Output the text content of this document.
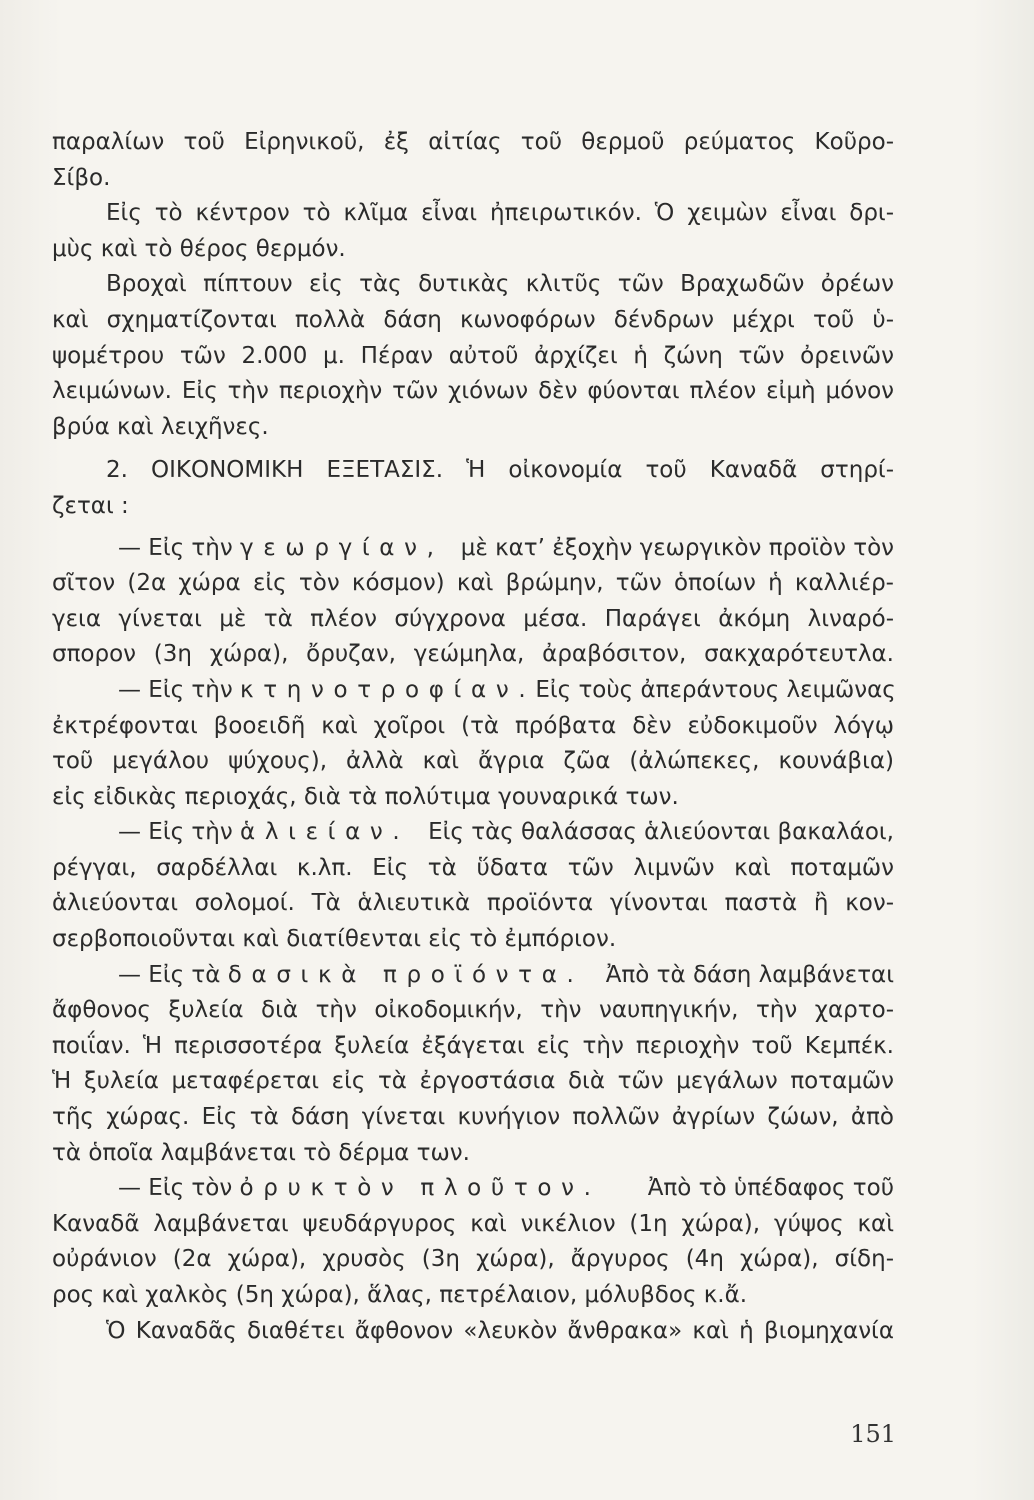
παραλίων τοῦ Εἰρηνικοῦ, ἐξ αἰτίας τοῦ θερμοῦ ρεύματος Κοῦρο-
Σίβο.
Εἰς τὸ κέντρον τὸ κλῖμα εἶναι ἠπειρωτικόν. Ὁ χειμὼν εἶναι δρι-
μὺς καὶ τὸ θέρος θερμόν.
Βροχαὶ πίπτουν εἰς τὰς δυτικὰς κλιτῦς τῶν Βραχωδῶν ὀρέων
καὶ σχηματίζονται πολλὰ δάση κωνοφόρων δένδρων μέχρι τοῦ ὑ-
ψομέτρου τῶν 2.000 μ. Πέραν αὐτοῦ ἀρχίζει ἡ ζώνη τῶν ὀρεινῶν
λειμώνων. Εἰς τὴν περιοχὴν τῶν χιόνων δὲν φύονται πλέον εἰμὴ μόνον
βρύα καὶ λειχῆνες.
2. ΟΙΚΟΝΟΜΙΚΗ ΕΞΕΤΑΣΙΣ. Ἡ οἰκονομία τοῦ Καναδᾶ στηρί-
ζεται :
— Εἰς τὴν γεωργίαν, μὲ κατ’ ἐξοχὴν γεωργικὸν προϊὸν τὸν
σῖτον (2α χώρα εἰς τὸν κόσμον) καὶ βρώμην, τῶν ὁποίων ἡ καλλιέρ-
γεια γίνεται μὲ τὰ πλέον σύγχρονα μέσα. Παράγει ἀκόμη λιναρό-
σπορον (3η χώρα), ὄρυζαν, γεώμηλα, ἀραβόσιτον, σακχαρότευτλα.
— Εἰς τὴν κτηνοτροφίαν. Εἰς τοὺς ἀπεράντους λειμῶνας
ἐκτρέφονται βοοειδῆ καὶ χοῖροι (τὰ πρόβατα δὲν εὐδοκιμοῦν λόγῳ
τοῦ μεγάλου ψύχους), ἀλλὰ καὶ ἄγρια ζῶα (ἀλώπεκες, κουνάβια)
εἰς εἰδικὰς περιοχάς, διὰ τὰ πολύτιμα γουναρικά των.
— Εἰς τὴν ἁλιείαν. Εἰς τὰς θαλάσσας ἁλιεύονται βακαλάοι,
ρέγγαι, σαρδέλλαι κ.λπ. Εἰς τὰ ὕδατα τῶν λιμνῶν καὶ ποταμῶν
ἁλιεύονται σολομοί. Τὰ ἁλιευτικὰ προϊόντα γίνονται παστὰ ἢ κον-
σερβοποιοῦνται καὶ διατίθενται εἰς τὸ ἐμπόριον.
— Εἰς τὰ δασικὰ προϊόντα. Ἀπὸ τὰ δάση λαμβάνεται
ἄφθονος ξυλεία διὰ τὴν οἰκοδομικήν, τὴν ναυπηγικήν, τὴν χαρτο-
ποιΐαν. Ἡ περισσοτέρα ξυλεία ἐξάγεται εἰς τὴν περιοχὴν τοῦ Κεμπέκ.
Ἡ ξυλεία μεταφέρεται εἰς τὰ ἐργοστάσια διὰ τῶν μεγάλων ποταμῶν
τῆς χώρας. Εἰς τὰ δάση γίνεται κυνήγιον πολλῶν ἀγρίων ζώων, ἀπὸ
τὰ ὁποῖα λαμβάνεται τὸ δέρμα των.
— Εἰς τὸν ὀρυκτὸν πλοῦτον. Ἀπὸ τὸ ὑπέδαφος τοῦ
Καναδᾶ λαμβάνεται ψευδάργυρος καὶ νικέλιον (1η χώρα), γύψος καὶ
οὐράνιον (2α χώρα), χρυσὸς (3η χώρα), ἄργυρος (4η χώρα), σίδη-
ρος καὶ χαλκὸς (5η χώρα), ἅλας, πετρέλαιον, μόλυβδος κ.ἄ.
Ὁ Καναδᾶς διαθέτει ἄφθονον «λευκὸν ἄνθρακα» καὶ ἡ βιομηχανία
151
